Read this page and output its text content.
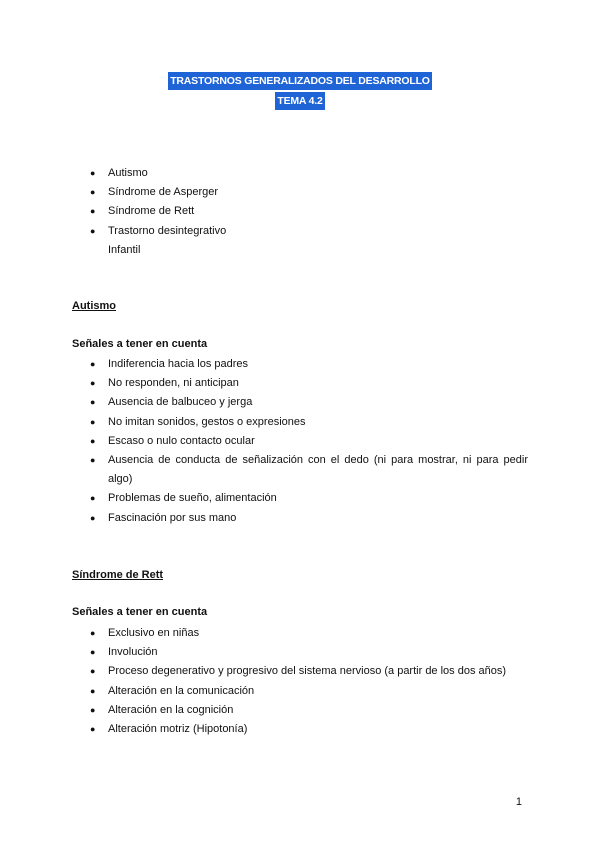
TRASTORNOS GENERALIZADOS DEL DESARROLLO
TEMA 4.2
● Autismo
● Síndrome de Asperger
● Síndrome de Rett
● Trastorno desintegrativo
Infantil
Autismo
Señales a tener en cuenta
● Indiferencia hacia los padres
● No responden, ni anticipan
● Ausencia de balbuceo y jerga
● No imitan sonidos, gestos o expresiones
● Escaso o nulo contacto ocular
● Ausencia de conducta de señalización con el dedo (ni para mostrar, ni para pedir algo)
● Problemas de sueño, alimentación
● Fascinación por sus mano
Síndrome de Rett
Señales a tener en cuenta
● Exclusivo en niñas
● Involución
● Proceso degenerativo y progresivo del sistema nervioso (a partir de los dos años)
● Alteración en la comunicación
● Alteración en la cognición
● Alteración motriz (Hipotonía)
1
